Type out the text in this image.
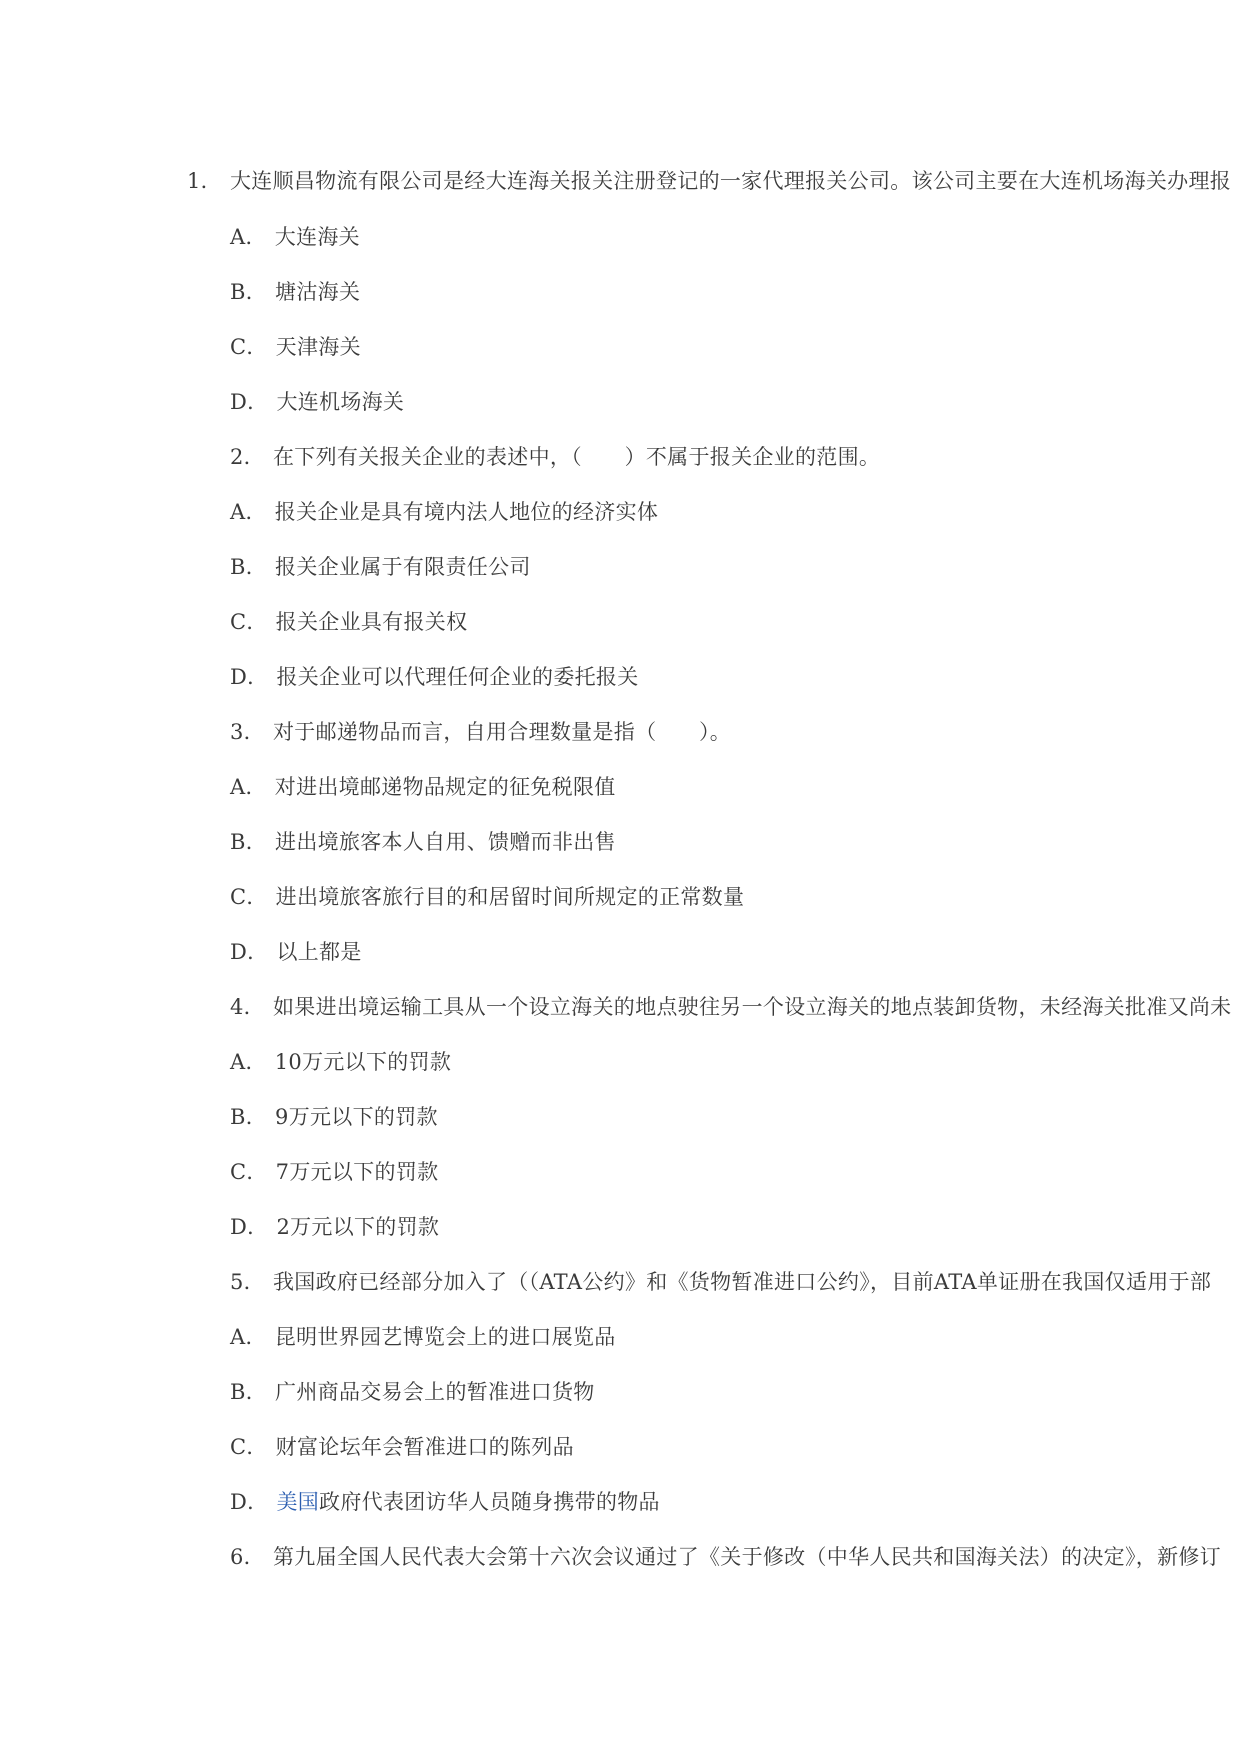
1． 大连顺昌物流有限公司是经大连海关报关注册登记的一家代理报关公司。该公司主要在大连机场海关办理报
A． 大连海关
B． 塘沽海关
C． 天津海关
D． 大连机场海关
2． 在下列有关报关企业的表述中，（　　）不属于报关企业的范围。
A． 报关企业是具有境内法人地位的经济实体
B． 报关企业属于有限责任公司
C． 报关企业具有报关权
D． 报关企业可以代理任何企业的委托报关
3． 对于邮递物品而言，自用合理数量是指（　　）。
A． 对进出境邮递物品规定的征免税限值
B． 进出境旅客本人自用、馈赠而非出售
C． 进出境旅客旅行目的和居留时间所规定的正常数量
D． 以上都是
4． 如果进出境运输工具从一个设立海关的地点驶往另一个设立海关的地点装卸货物，未经海关批准又尚未
A． 10万元以下的罚款
B． 9万元以下的罚款
C． 7万元以下的罚款
D． 2万元以下的罚款
5． 我国政府已经部分加入了（（ATA公约》和《货物暂准进口公约》，目前ATA单证册在我国仅适用于部
A． 昆明世界园艺博览会上的进口展览品
B． 广州商品交易会上的暂准进口货物
C． 财富论坛年会暂准进口的陈列品
D． 美国政府代表团访华人员随身携带的物品
6． 第九届全国人民代表大会第十六次会议通过了《关于修改（中华人民共和国海关法）的决定》，新修订
